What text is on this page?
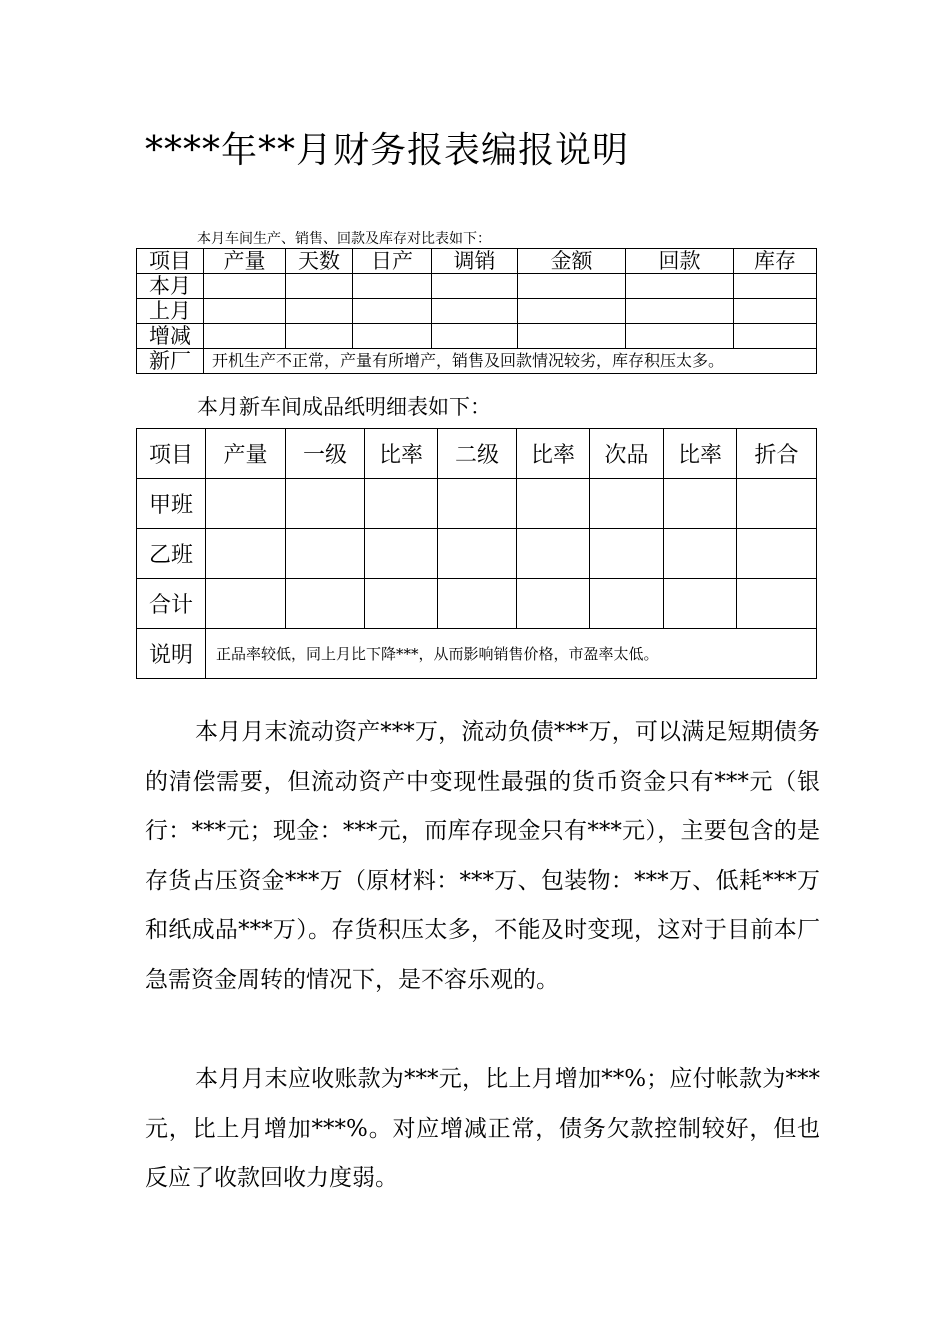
****年**月财务报表编报说明
本月车间生产、销售、回款及库存对比表如下：
项目	产量	天数	日产	调销	金额	回款	库存
本月							
上月							
增减							
新厂	开机生产不正常，产量有所增产，销售及回款情况较劣，库存积压太多。						
本月新车间成品纸明细表如下：
项目	产量	一级	比率	二级	比率	次品	比率	折合
甲班								
乙班								
合计								
说明	正品率较低，同上月比下降***，从而影响销售价格，市盈率太低。							

本月月末流动资产***万，流动负债***万，可以满足短期债务的清偿需要，但流动资产中变现性最强的货币资金只有***元（银行：***元；现金：***元，而库存现金只有***元），主要包含的是存货占压资金***万（原材料：***万、包装物：***万、低耗***万和纸成品***万）。存货积压太多，不能及时变现，这对于目前本厂急需资金周转的情况下，是不容乐观的。

本月月末应收账款为***元，比上月增加**%；应付帐款为***元，比上月增加***%。对应增减正常，债务欠款控制较好，但也反应了收款回收力度弱。
